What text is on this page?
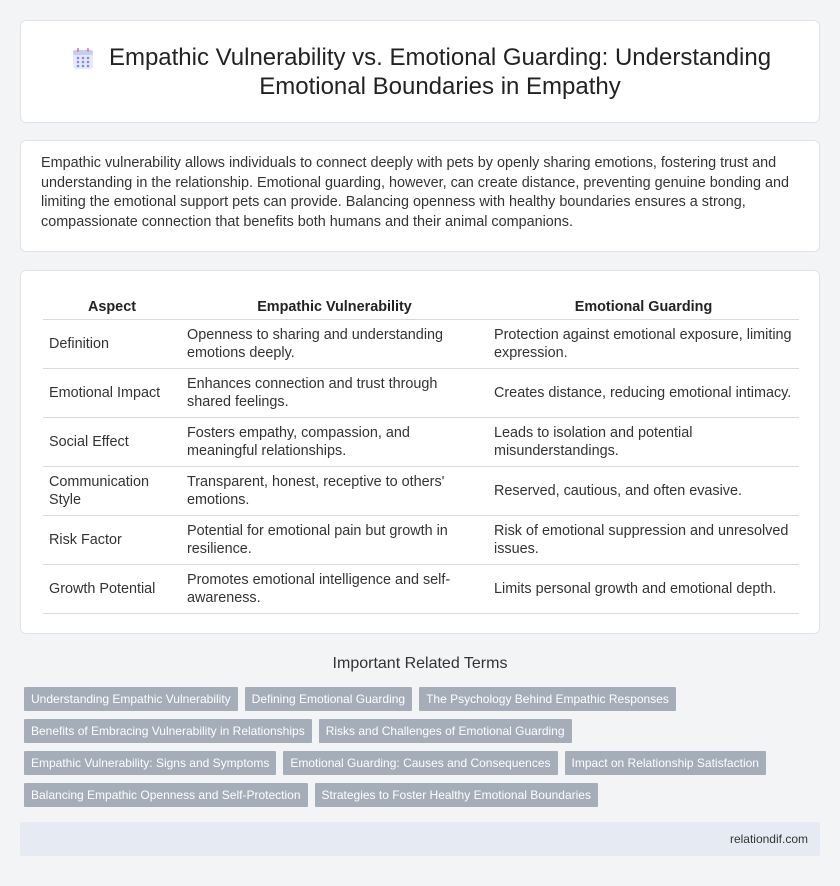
Empathic Vulnerability vs. Emotional Guarding: Understanding
Emotional Boundaries in Empathy

Empathic vulnerability allows individuals to connect deeply with pets by openly sharing emotions, fostering trust and understanding in the relationship. Emotional guarding, however, can create distance, preventing genuine bonding and limiting the emotional support pets can provide. Balancing openness with healthy boundaries ensures a strong, compassionate connection that benefits both humans and their animal companions.

Aspect	Empathic Vulnerability	Emotional Guarding
Definition	Openness to sharing and understanding emotions deeply.	Protection against emotional exposure, limiting expression.
Emotional Impact	Enhances connection and trust through shared feelings.	Creates distance, reducing emotional intimacy.
Social Effect	Fosters empathy, compassion, and meaningful relationships.	Leads to isolation and potential misunderstandings.
Communication Style	Transparent, honest, receptive to others' emotions.	Reserved, cautious, and often evasive.
Risk Factor	Potential for emotional pain but growth in resilience.	Risk of emotional suppression and unresolved issues.
Growth Potential	Promotes emotional intelligence and self-awareness.	Limits personal growth and emotional depth.
Important Related Terms
Understanding Empathic Vulnerability	Defining Emotional Guarding	The Psychology Behind Empathic Responses
Benefits of Embracing Vulnerability in Relationships	Risks and Challenges of Emotional Guarding
Empathic Vulnerability: Signs and Symptoms	Emotional Guarding: Causes and Consequences	Impact on Relationship Satisfaction
Balancing Empathic Openness and Self-Protection	Strategies to Foster Healthy Emotional Boundaries
relationdif.com
